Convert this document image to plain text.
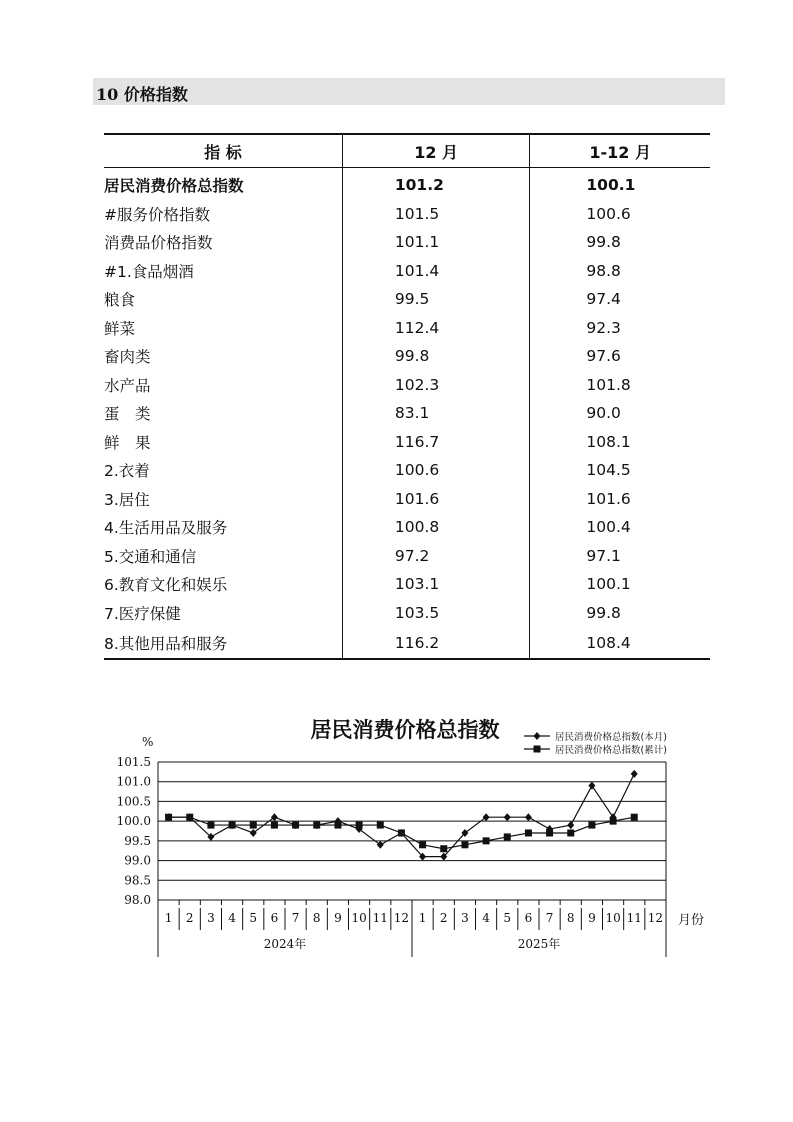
10 价格指数
指 标	12 月	1-12 月
居民消费价格总指数	101.2	100.1
#服务价格指数	101.5	100.6
消费品价格指数	101.1	99.8
#1.食品烟酒	101.4	98.8
粮食	99.5	97.4
鲜菜	112.4	92.3
畜肉类	99.8	97.6
水产品	102.3	101.8
蛋　类	83.1	90.0
鲜　果	116.7	108.1
2.衣着	100.6	104.5
3.居住	101.6	101.6
4.生活用品及服务	100.8	100.4
5.交通和通信	97.2	97.1
6.教育文化和娱乐	103.1	100.1
7.医疗保健	103.5	99.8
8.其他用品和服务	116.2	108.4
居民消费价格总指数
%
98.0
98.5
99.0
99.5
100.0
100.5
101.0
101.5
1 2 3 4 5 6 7 8 9 10 11 12 1 2 3 4 5 6 7 8 9 10 11 12
2024年	2025年
月份
居民消费价格总指数(本月)
居民消费价格总指数(累计)
